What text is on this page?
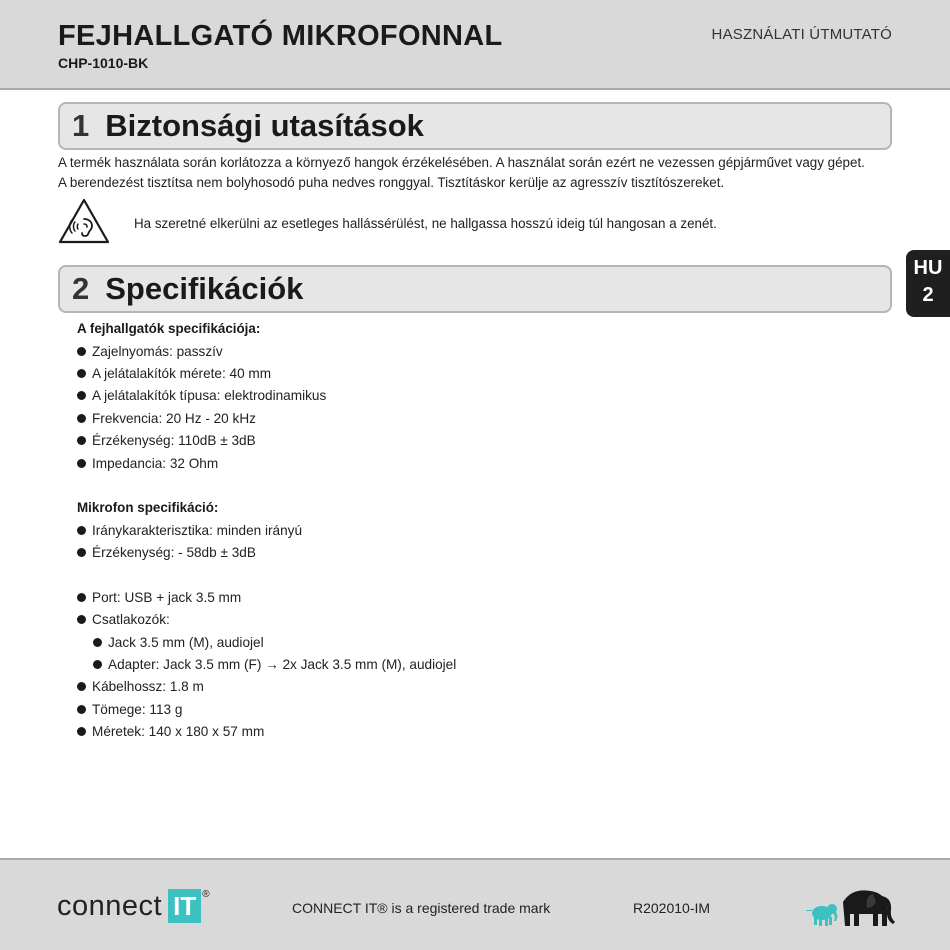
FEJHALLGATÓ MIKROFONNAL
CHP-1010-BK
HASZNÁLATI ÚTMUTATÓ
1 Biztonsági utasítások
A termék használata során korlátozza a környező hangok érzékelésében. A használat során ezért ne vezessen gépjárművet vagy gépet.
A berendezést tisztítsa nem bolyhosodó puha nedves ronggyal. Tisztításkor kerülje az agresszív tisztítószereket.
Ha szeretné elkerülni az esetleges hallássérülést, ne hallgassa hosszú ideig túl hangosan a zenét.
HU
2
2 Specifikációk
A fejhallgatók specifikációja:
Zajelnyomás: passzív
A jelátalakítók mérete: 40 mm
A jelátalakítók típusa: elektrodinamikus
Frekvencia: 20 Hz - 20 kHz
Érzékenység: 110dB ± 3dB
Impedancia: 32 Ohm
Mikrofon specifikáció:
Iránykarakterisztika: minden irányú
Érzékenység: - 58db ± 3dB
Port: USB + jack 3.5 mm
Csatlakozók:
Jack 3.5 mm (M), audiojel
Adapter: Jack 3.5 mm (F) → 2x Jack 3.5 mm (M), audiojel
Kábelhossz: 1.8 m
Tömege: 113 g
Méretek: 140 x 180 x 57 mm
connect IT ®
CONNECT IT® is a registered trade mark	R202010-IM
